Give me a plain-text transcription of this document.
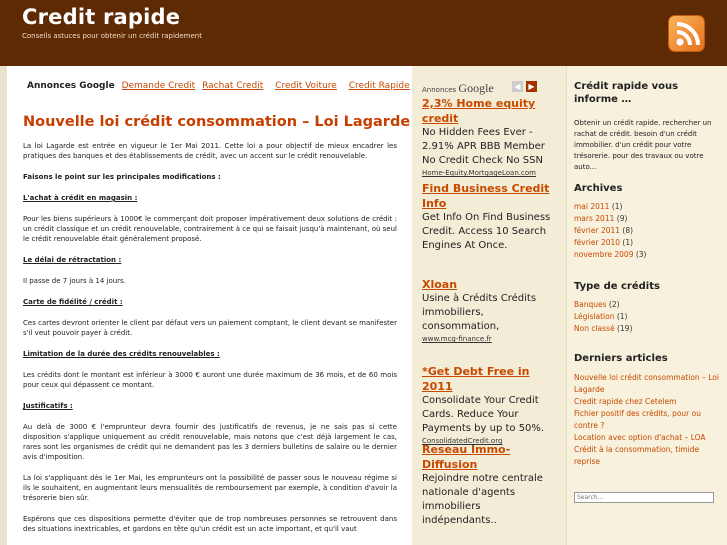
Credit rapide
Conseils astuces pour obtenir un crédit rapidement
Annonces Google Demande Credit Rachat Credit Credit Voiture Credit Rapide
Nouvelle loi crédit consommation – Loi Lagarde

La loi Lagarde est entrée en vigueur le 1er Mai 2011. Cette loi a pour objectif de mieux encadrer les pratiques des banques et des établissements de crédit, avec un accent sur le crédit renouvelable.

Faisons le point sur les principales modifications :

L'achat à crédit en magasin :

Pour les biens supérieurs à 1000€ le commerçant doit proposer impérativement deux solutions de crédit : un crédit classique et un crédit renouvelable, contrairement à ce qui se faisait jusqu'à maintenant, où seul le crédit renouvelable était généralement proposé.

Le délai de rétractation :

Il passe de 7 jours à 14 jours.

Carte de fidélité / crédit :

Ces cartes devront orienter le client par défaut vers un paiement comptant, le client devant se manifester s'il veut pouvoir payer à crédit.

Limitation de la durée des crédits renouvelables :

Les crédits dont le montant est inférieur à 3000 € auront une durée maximum de 36 mois, et de 60 mois pour ceux qui dépassent ce montant.

Justificatifs :

Au delà de 3000 € l'emprunteur devra fournir des justificatifs de revenus, je ne sais pas si cette disposition s'applique uniquement au crédit renouvelable, mais notons que c'est déjà largement le cas, rares sont les organismes de crédit qui ne demandent pas les 3 derniers bulletins de salaire ou le dernier avis d'imposition.

La loi s'appliquant dès le 1er Mai, les emprunteurs ont la possibilité de passer sous le nouveau régime si ils le souhaitent, en augmentant leurs mensualités de remboursement par exemple, à condition d'avoir la trésorerie bien sûr.

Espérons que ces dispositions permette d'éviter que de trop nombreuses personnes se retrouvent dans des situations inextricables, et gardons en tête qu'un crédit est un acte important, et qu'il vaut

Annonces Google	◀ ▶
2,3% Home equity credit
No Hidden Fees Ever - 2.91% APR BBB Member No Credit Check No SSN
Home-Equity.MortgageLoan.com
Find Business Credit Info
Get Info On Find Business Credit. Access 10 Search Engines At Once.
Xloan
Usine à Crédits Crédits immobiliers, consommation,
www.mcg-finance.fr
*Get Debt Free in 2011
Consolidate Your Credit Cards. Reduce Your Payments by up to 50%.
ConsolidatedCredit.org
Reseau Immo-Diffusion
Rejoindre notre centrale nationale d'agents immobiliers indépendants..
Crédit rapide vous informe …
Obtenir un crédit rapide. rechercher un rachat de crédit. besoin d'un crédit immobilier. d'un crédit pour votre trésorerie. pour des travaux ou votre auto...
Archives
mai 2011 (1)
mars 2011 (9)
février 2011 (8)
février 2010 (1)
novembre 2009 (3)
Type de crédits
Banques (2)
Législation (1)
Non classé (19)
Derniers articles
Nouvelle loi crédit consommation – Loi Lagarde
Credit rapide chez Cetelem
Fichier positif des crédits, pour ou contre ?
Location avec option d'achat – LOA
Crédit à la consommation, timide reprise
Search...
